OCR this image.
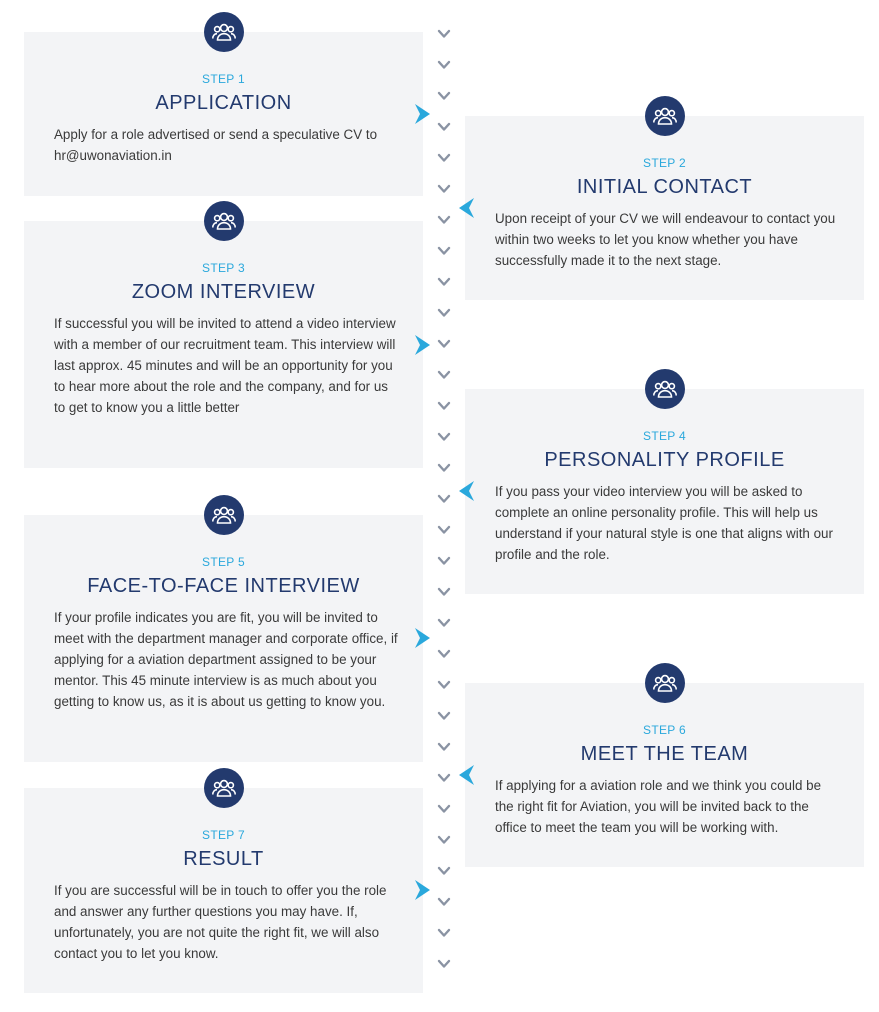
STEP 1
APPLICATION

Apply for a role advertised or send a speculative CV to hr@uwonaviation.in	STEP 2
INITIAL CONTACT

Upon receipt of your CV we will endeavour to contact you within two weeks to let you know whether you have successfully made it to the next stage.

STEP 3
ZOOM INTERVIEW

If successful you will be invited to attend a video interview with a member of our recruitment team. This interview will last approx. 45 minutes and will be an opportunity for you to hear more about the role and the company, and for us to get to know you a little better

STEP 4
PERSONALITY PROFILE

If you pass your video interview you will be asked to complete an online personality profile. This will help us understand if your natural style is one that aligns with our profile and the role.

STEP 5
FACE-TO-FACE INTERVIEW

If your profile indicates you are fit, you will be invited to meet with the department manager and corporate office, if applying for a aviation department assigned to be your mentor. This 45 minute interview is as much about you getting to know us, as it is about us getting to know you.

STEP 6
MEET THE TEAM

If applying for a aviation role and we think you could be the right fit for Aviation, you will be invited back to the office to meet the team you will be working with.

STEP 7
RESULT

If you are successful will be in touch to offer you the role and answer any further questions you may have. If, unfortunately, you are not quite the right fit, we will also contact you to let you know.
